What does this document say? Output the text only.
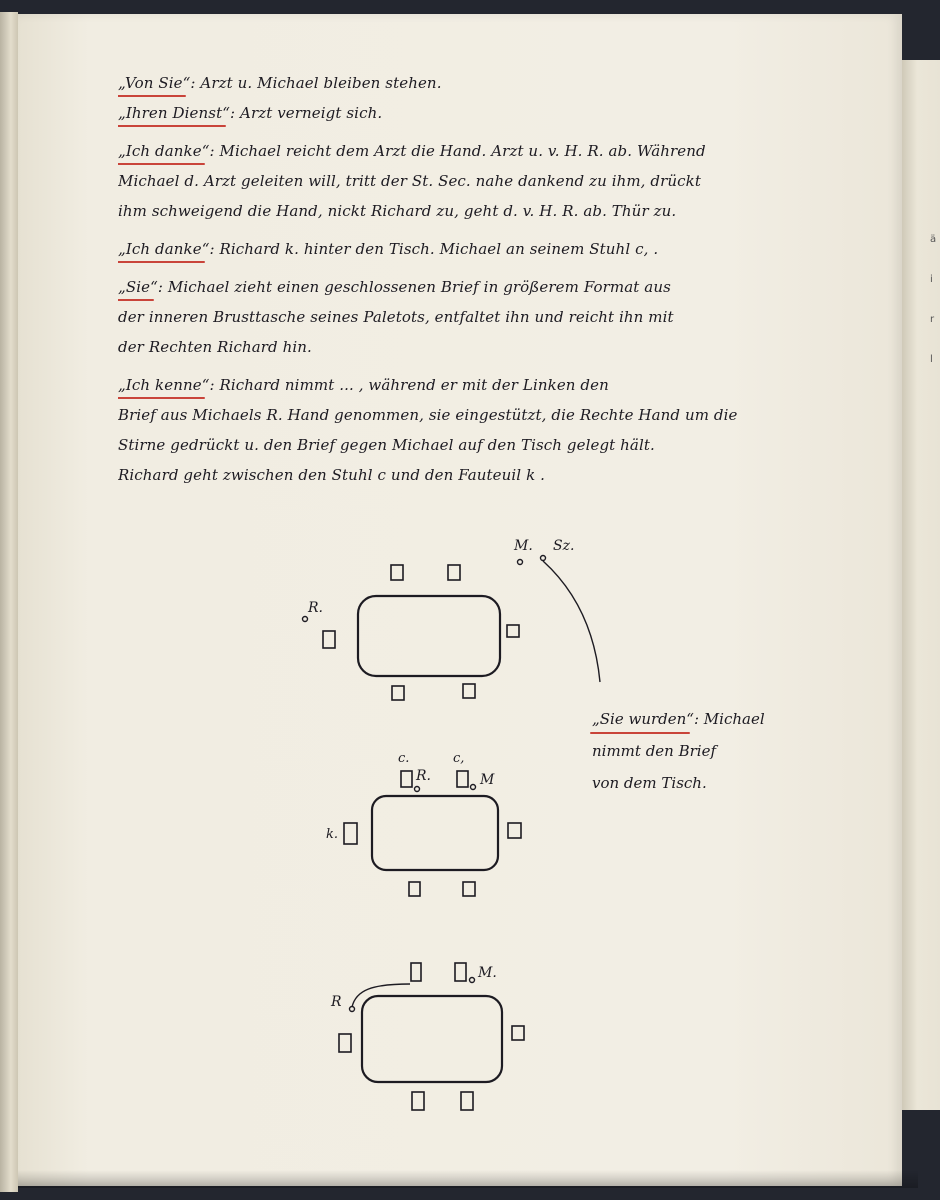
ä
i
r
l
„Von Sie“: Arzt u. Michael bleiben stehen.
„Ihren Dienst“: Arzt verneigt sich.
„Ich danke“: Michael reicht dem Arzt die Hand. Arzt u. v. H. R. ab. Während
Michael d. Arzt geleiten will, tritt der St. Sec. nahe dankend zu ihm, drückt
ihm schweigend die Hand, nickt Richard zu, geht d. v. H. R. ab. Thür zu.
„Ich danke“: Richard k. hinter den Tisch. Michael an seinem Stuhl c, .
„Sie“: Michael zieht einen geschlossenen Brief in größerem Format aus
der inneren Brusttasche seines Paletots, entfaltet ihn und reicht ihn mit
der Rechten Richard hin.
„Ich kenne“: Richard nimmt ... , während er mit der Linken den
Brief aus Michaels R. Hand genommen, sie eingestützt, die Rechte Hand um die
Stirne gedrückt u. den Brief gegen Michael auf den Tisch gelegt hält.
Richard geht zwischen den Stuhl c und den Fauteuil k .
R.
M. Sz.
c.	c,
R.	M
k.
R
M.
„Sie wurden“: Michael
nimmt den Brief
von dem Tisch.
